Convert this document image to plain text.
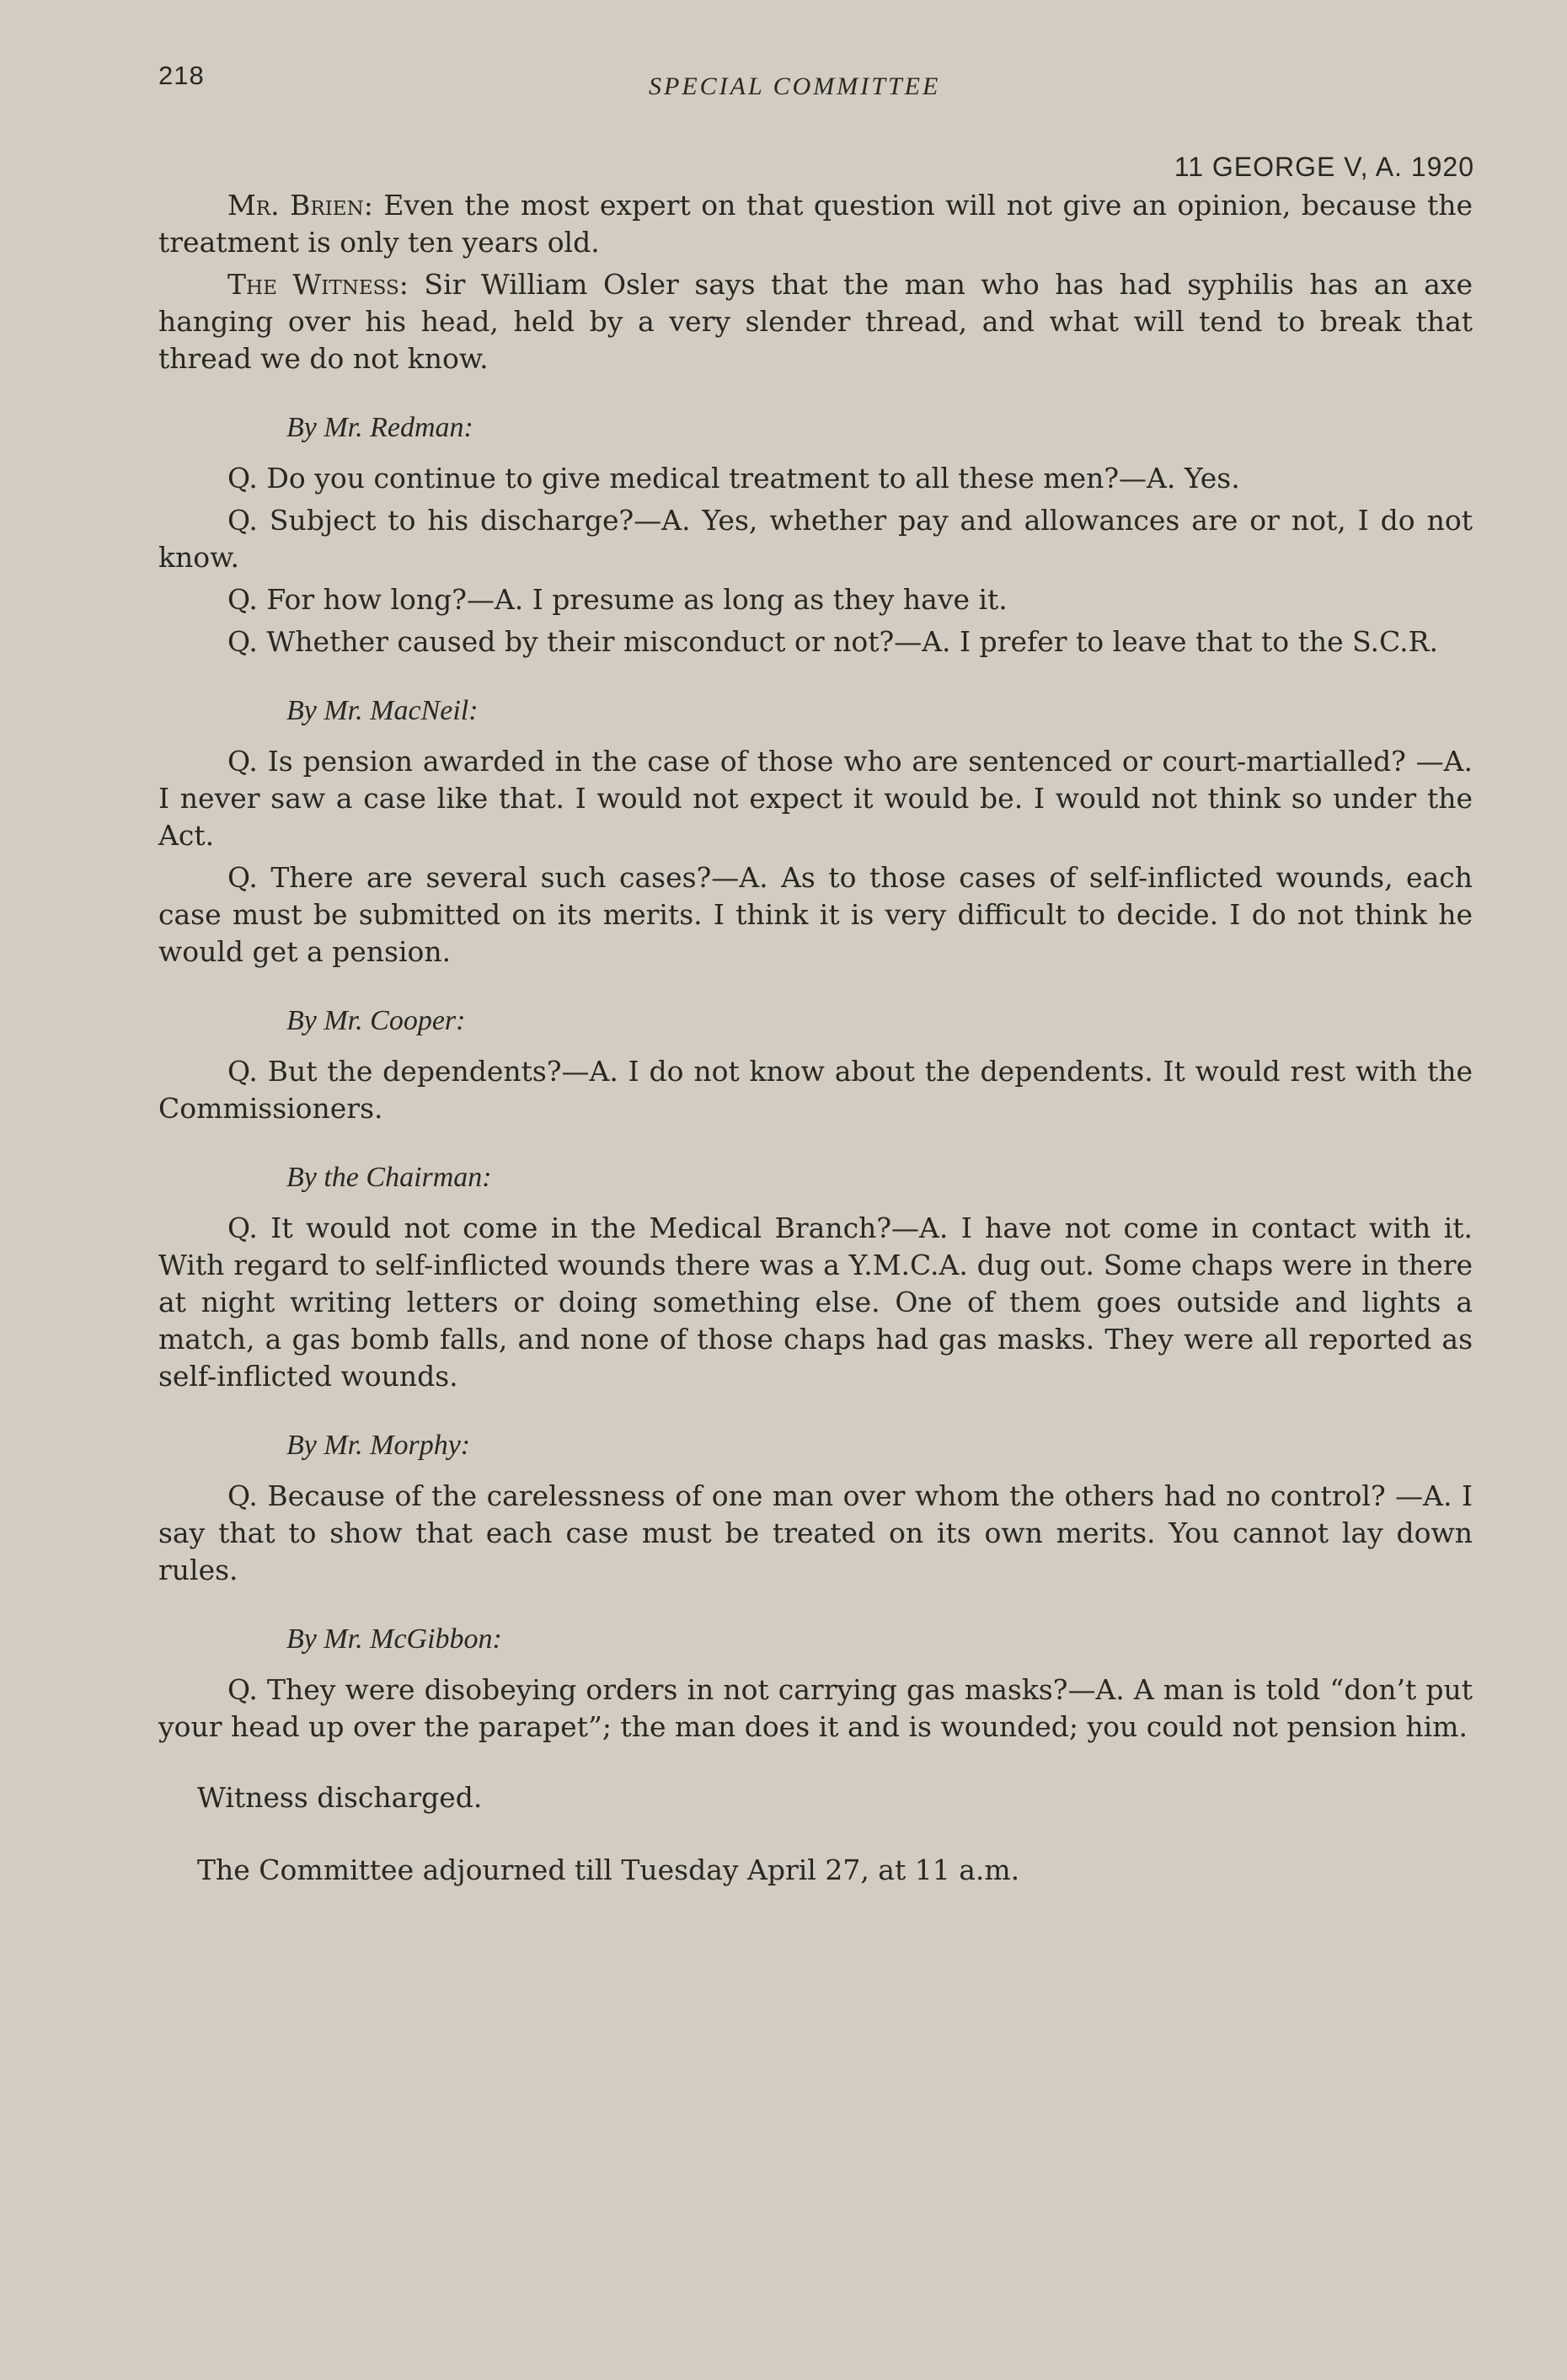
218	SPECIAL COMMITTEE
11 GEORGE V, A. 1920

Mr. Brien: Even the most expert on that question will not give an opinion, because the treatment is only ten years old.

The Witness: Sir William Osler says that the man who has had syphilis has an axe hanging over his head, held by a very slender thread, and what will tend to break that thread we do not know.

By Mr. Redman:

Q. Do you continue to give medical treatment to all these men?—A. Yes.

Q. Subject to his discharge?—A. Yes, whether pay and allowances are or not, I do not know.

Q. For how long?—A. I presume as long as they have it.

Q. Whether caused by their misconduct or not?—A. I prefer to leave that to the S.C.R.

By Mr. MacNeil:

Q. Is pension awarded in the case of those who are sentenced or court-martialled? —A. I never saw a case like that. I would not expect it would be. I would not think so under the Act.

Q. There are several such cases?—A. As to those cases of self-inflicted wounds, each case must be submitted on its merits. I think it is very difficult to decide. I do not think he would get a pension.

By Mr. Cooper:

Q. But the dependents?—A. I do not know about the dependents. It would rest with the Commissioners.

By the Chairman:

Q. It would not come in the Medical Branch?—A. I have not come in contact with it. With regard to self-inflicted wounds there was a Y.M.C.A. dug out. Some chaps were in there at night writing letters or doing something else. One of them goes outside and lights a match, a gas bomb falls, and none of those chaps had gas masks. They were all reported as self-inflicted wounds.

By Mr. Morphy:

Q. Because of the carelessness of one man over whom the others had no control? —A. I say that to show that each case must be treated on its own merits. You cannot lay down rules.

By Mr. McGibbon:

Q. They were disobeying orders in not carrying gas masks?—A. A man is told “don’t put your head up over the parapet”; the man does it and is wounded; you could not pension him.

Witness discharged.

The Committee adjourned till Tuesday April 27, at 11 a.m.
